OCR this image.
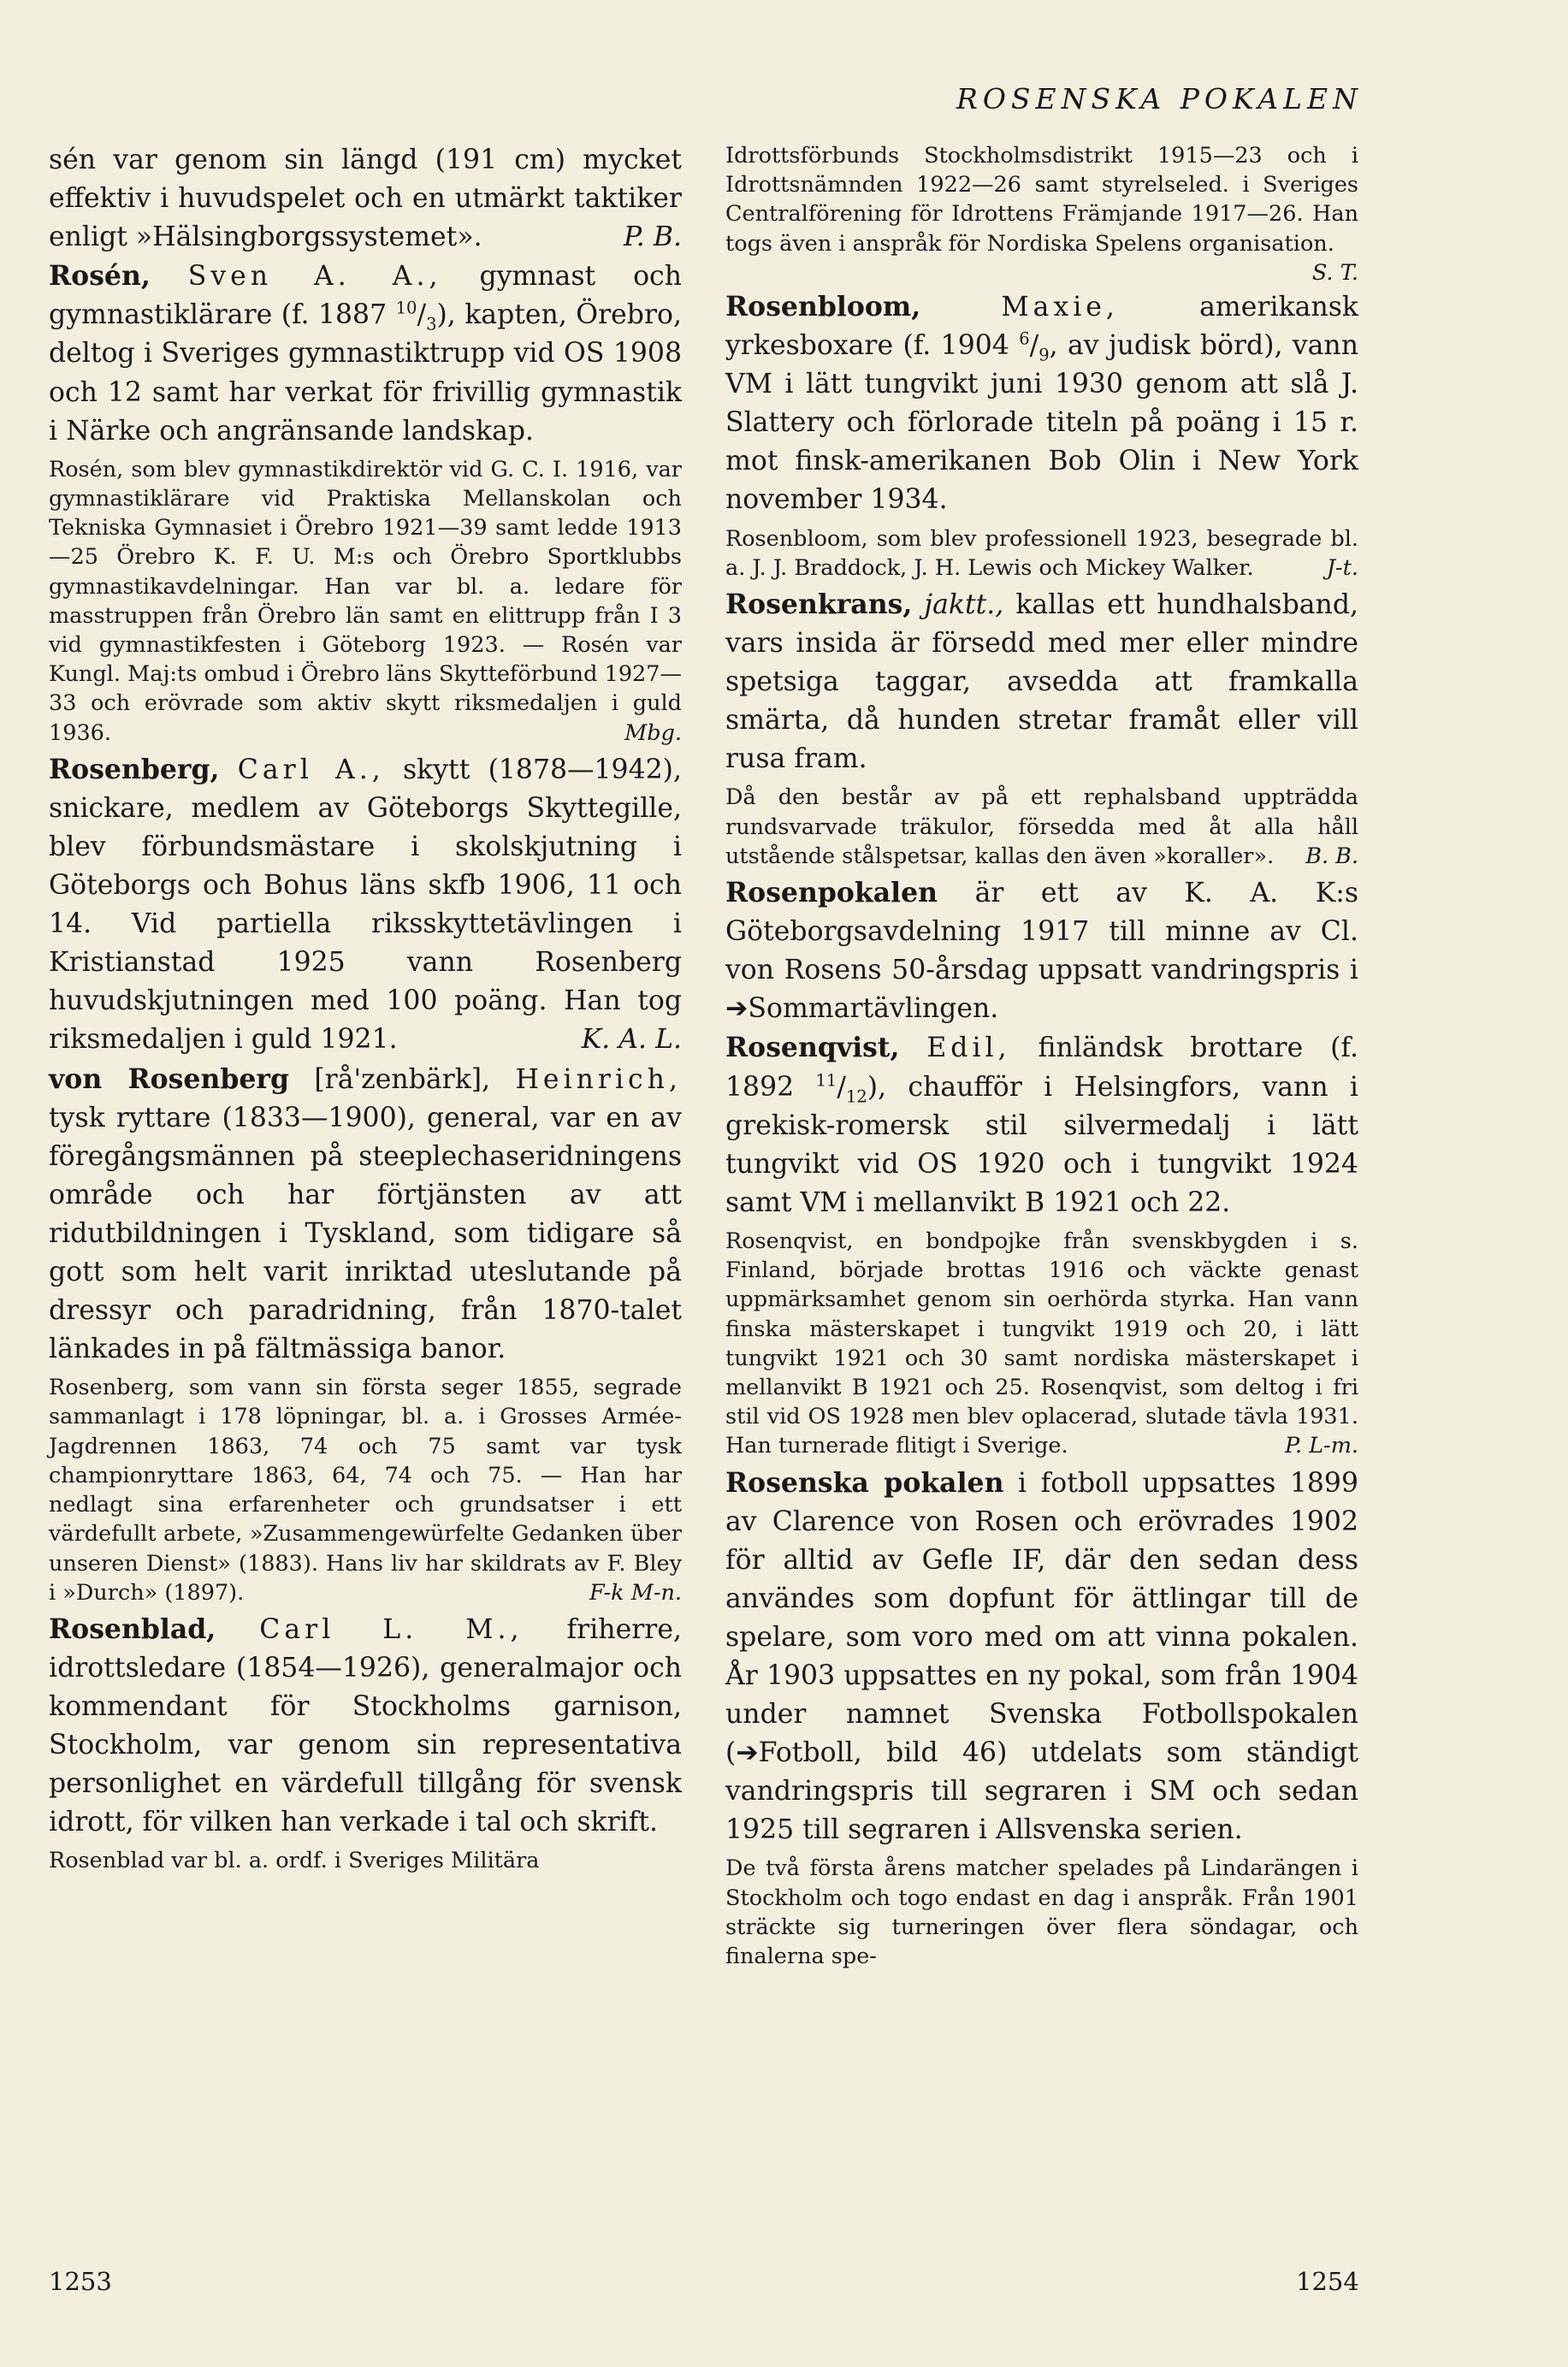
ROSENSKA POKALEN

sén var genom sin längd (191 cm) mycket effektiv i huvudspelet och en utmärkt taktiker enligt »Hälsingborgssystemet».	P. B.

Rosén, Sven A. A., gymnast och gymnastiklärare (f. 1887 $^{10}/_3$), kapten, Örebro, deltog i Sveriges gymnastiktrupp vid OS 1908 och 12 samt har verkat för frivillig gymnastik i Närke och angränsande landskap.

Rosén, som blev gymnastikdirektör vid G. C. I. 1916, var gymnastiklärare vid Praktiska Mellanskolan och Tekniska Gymnasiet i Örebro 1921—39 samt ledde 1913—25 Örebro K. F. U. M:s och Örebro Sportklubbs gymnastikavdelningar. Han var bl. a. ledare för masstruppen från Örebro län samt en elittrupp från I 3 vid gymnastikfesten i Göteborg 1923. — Rosén var Kungl. Maj:ts ombud i Örebro läns Skytteförbund 1927—33 och erövrade som aktiv skytt riksmedaljen i guld 1936.	Mbg.

Rosenberg, Carl A., skytt (1878—1942), snickare, medlem av Göteborgs Skyttegille, blev förbundsmästare i skolskjutning i Göteborgs och Bohus läns skfb 1906, 11 och 14. Vid partiella riksskyttetävlingen i Kristianstad 1925 vann Rosenberg huvudskjutningen med 100 poäng. Han tog riksmedaljen i guld 1921.	K. A. L.

von Rosenberg [rå'zenbärk], Heinrich, tysk ryttare (1833—1900), general, var en av föregångsmännen på steeplechaseridningens område och har förtjänsten av att ridutbildningen i Tyskland, som tidigare så gott som helt varit inriktad uteslutande på dressyr och paradridning, från 1870-talet länkades in på fältmässiga banor.

Rosenberg, som vann sin första seger 1855, segrade sammanlagt i 178 löpningar, bl. a. i Grosses Armée-Jagdrennen 1863, 74 och 75 samt var tysk championryttare 1863, 64, 74 och 75. — Han har nedlagt sina erfarenheter och grundsatser i ett värdefullt arbete, »Zusammengewürfelte Gedanken über unseren Dienst» (1883). Hans liv har skildrats av F. Bley i »Durch» (1897).	F-k M-n.

Rosenblad, Carl L. M., friherre, idrottsledare (1854—1926), generalmajor och kommendant för Stockholms garnison, Stockholm, var genom sin representativa personlighet en värdefull tillgång för svensk idrott, för vilken han verkade i tal och skrift.

Rosenblad var bl. a. ordf. i Sveriges Militära

Idrottsförbunds Stockholmsdistrikt 1915—23 och i Idrottsnämnden 1922—26 samt styrelseled. i Sveriges Centralförening för Idrottens Främjande 1917—26. Han togs även i anspråk för Nordiska Spelens organisation.
S. T.

Rosenbloom,	Maxie,	amerikansk yrkesboxare (f. 1904 $^6/_9$, av judisk börd), vann VM i lätt tungvikt juni 1930 genom att slå J. Slattery och förlorade titeln på poäng i 15 r. mot finsk-amerikanen Bob Olin i New York november 1934.

Rosenbloom, som blev professionell 1923, besegrade bl. a. J. J. Braddock, J. H. Lewis och Mickey Walker.	J-t.

Rosenkrans, jaktt., kallas ett hundhalsband, vars insida är försedd med mer eller mindre spetsiga taggar, avsedda att framkalla smärta, då hunden stretar framåt eller vill rusa fram.

Då den består av på ett rephalsband uppträdda rundsvarvade träkulor, försedda med åt alla håll utstående stålspetsar, kallas den även »koraller». B. B.

Rosenpokalen är ett av K. A. K:s Göteborgsavdelning 1917 till minne av Cl. von Rosens 50-årsdag uppsatt vandringspris i ➔Sommartävlingen.

Rosenqvist, Edil, finländsk brottare (f. 1892 $^{11}/_{12}$), chaufför i Helsingfors, vann i grekisk-romersk stil silvermedalj i lätt tungvikt vid OS 1920 och i tungvikt 1924 samt VM i mellanvikt B 1921 och 22.

Rosenqvist, en bondpojke från svenskbygden i s. Finland, började brottas 1916 och väckte genast uppmärksamhet genom sin oerhörda styrka. Han vann finska mästerskapet i tungvikt 1919 och 20, i lätt tungvikt 1921 och 30 samt nordiska mästerskapet i mellanvikt B 1921 och 25. Rosenqvist, som deltog i fri stil vid OS 1928 men blev oplacerad, slutade tävla 1931. Han turnerade flitigt i Sverige.	P. L-m.

Rosenska pokalen i fotboll uppsattes 1899 av Clarence von Rosen och erövrades 1902 för alltid av Gefle IF, där den sedan dess användes som dopfunt för ättlingar till de spelare, som voro med om att vinna pokalen. År 1903 uppsattes en ny pokal, som från 1904 under namnet Svenska Fotbollspokalen (➔Fotboll, bild 46) utdelats som ständigt vandringspris till segraren i SM och sedan 1925 till segraren i Allsvenska serien.

De två första årens matcher spelades på Lindarängen i Stockholm och togo endast en dag i anspråk. Från 1901 sträckte sig turneringen över flera söndagar, och finalerna spe-

1253	1254
